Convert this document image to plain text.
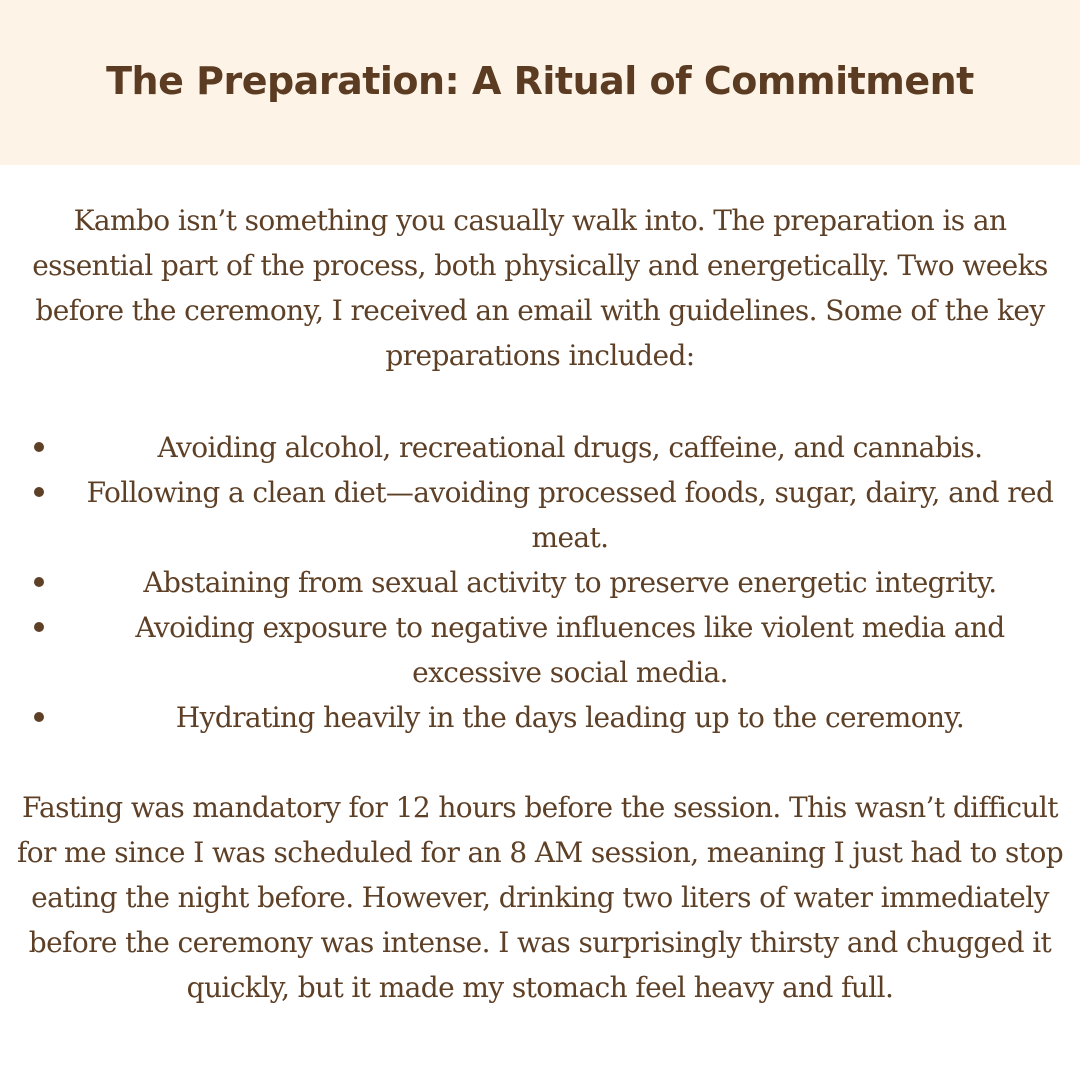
The Preparation: A Ritual of Commitment

Kambo isn’t something you casually walk into. The preparation is an essential part of the process, both physically and energetically. Two weeks before the ceremony, I received an email with guidelines. Some of the key preparations included:

Avoiding alcohol, recreational drugs, caffeine, and cannabis.
Following a clean diet—avoiding processed foods, sugar, dairy, and red meat.
Abstaining from sexual activity to preserve energetic integrity.
Avoiding exposure to negative influences like violent media and excessive social media.
Hydrating heavily in the days leading up to the ceremony.

Fasting was mandatory for 12 hours before the session. This wasn’t difficult for me since I was scheduled for an 8 AM session, meaning I just had to stop eating the night before. However, drinking two liters of water immediately before the ceremony was intense. I was surprisingly thirsty and chugged it quickly, but it made my stomach feel heavy and full.
